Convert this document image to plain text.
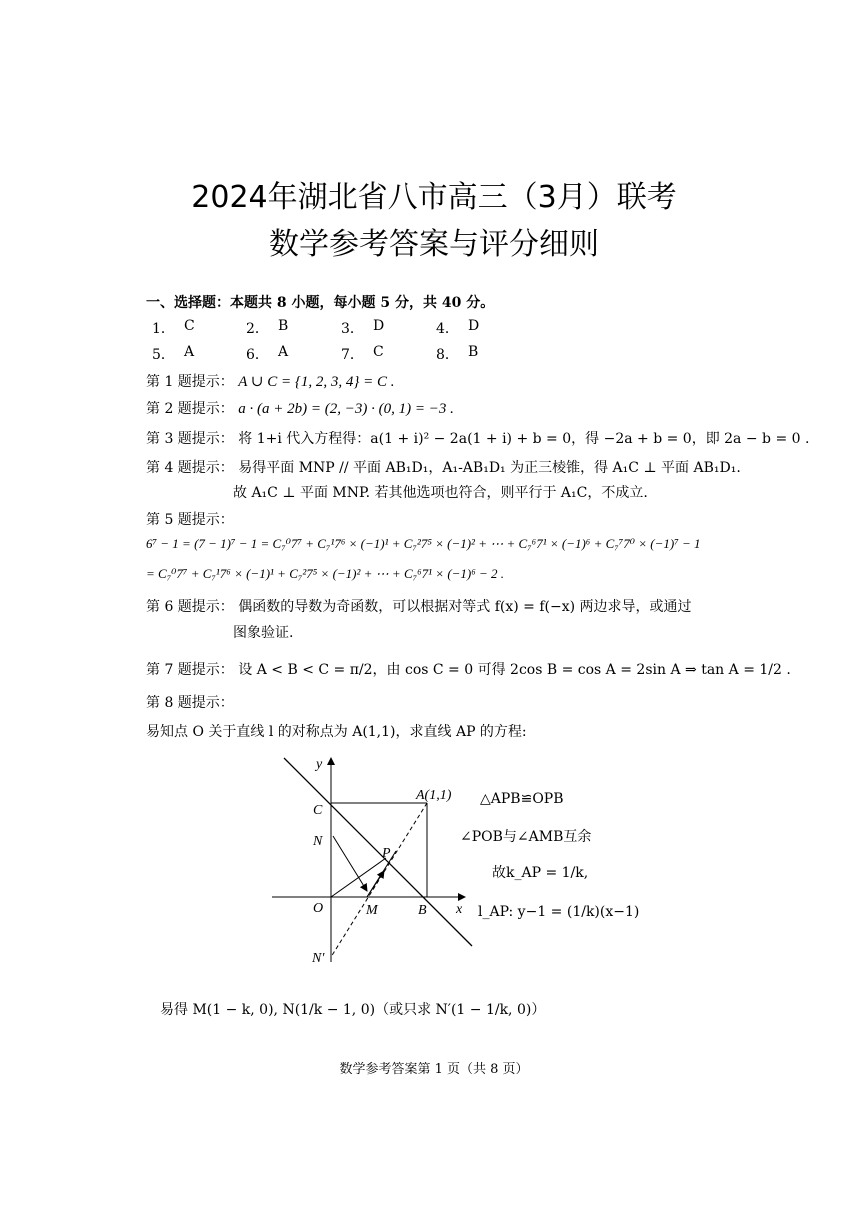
2024年湖北省八市高三（3月）联考
数学参考答案与评分细则
一、选择题：本题共 8 小题，每小题 5 分，共 40 分。
1． C	2． B	3． D	4． D
5． A	6． A	7． C	8． B
第 1 题提示： A ∪ C = {1, 2, 3, 4} = C .
第 2 题提示： a · (a + 2b) = (2, −3) · (0, 1) = −3 .
第 3 题提示： 将 1+i 代入方程得：a(1 + i)² − 2a(1 + i) + b = 0，得 −2a + b = 0，即 2a − b = 0 .
第 4 题提示： 易得平面 MNP // 平面 AB₁D₁，A₁-AB₁D₁ 为正三棱锥，得 A₁C ⊥ 平面 AB₁D₁.
故 A₁C ⊥ 平面 MNP. 若其他选项也符合，则平行于 A₁C，不成立.
第 5 题提示：
6⁷ − 1 = (7 − 1)⁷ − 1 = C₇⁰7⁷ + C₇¹7⁶ × (−1)¹ + C₇²7⁵ × (−1)² + ⋯ + C₇⁶7¹ × (−1)⁶ + C₇⁷7⁰ × (−1)⁷ − 1
= C₇⁰7⁷ + C₇¹7⁶ × (−1)¹ + C₇²7⁵ × (−1)² + ⋯ + C₇⁶7¹ × (−1)⁶ − 2 .
第 6 题提示： 偶函数的导数为奇函数，可以根据对等式 f(x) = f(−x) 两边求导，或通过
图象验证.
第 7 题提示： 设 A < B < C = π/2，由 cos C = 0 可得 2cos B = cos A = 2sin A ⇒ tan A = 1/2 .
第 8 题提示：
易知点 O 关于直线 l 的对称点为 A(1,1)，求直线 AP 的方程:
y
x
A(1,1)
C
N
P
O	M	B
N′
△APB≌OPB
∠POB与∠AMB互余
故k_AP = 1/k,
l_AP: y−1 = (1/k)(x−1)
易得 M(1 − k, 0), N(1/k − 1, 0)（或只求 N′(1 − 1/k, 0)）
数学参考答案第 1 页（共 8 页）
